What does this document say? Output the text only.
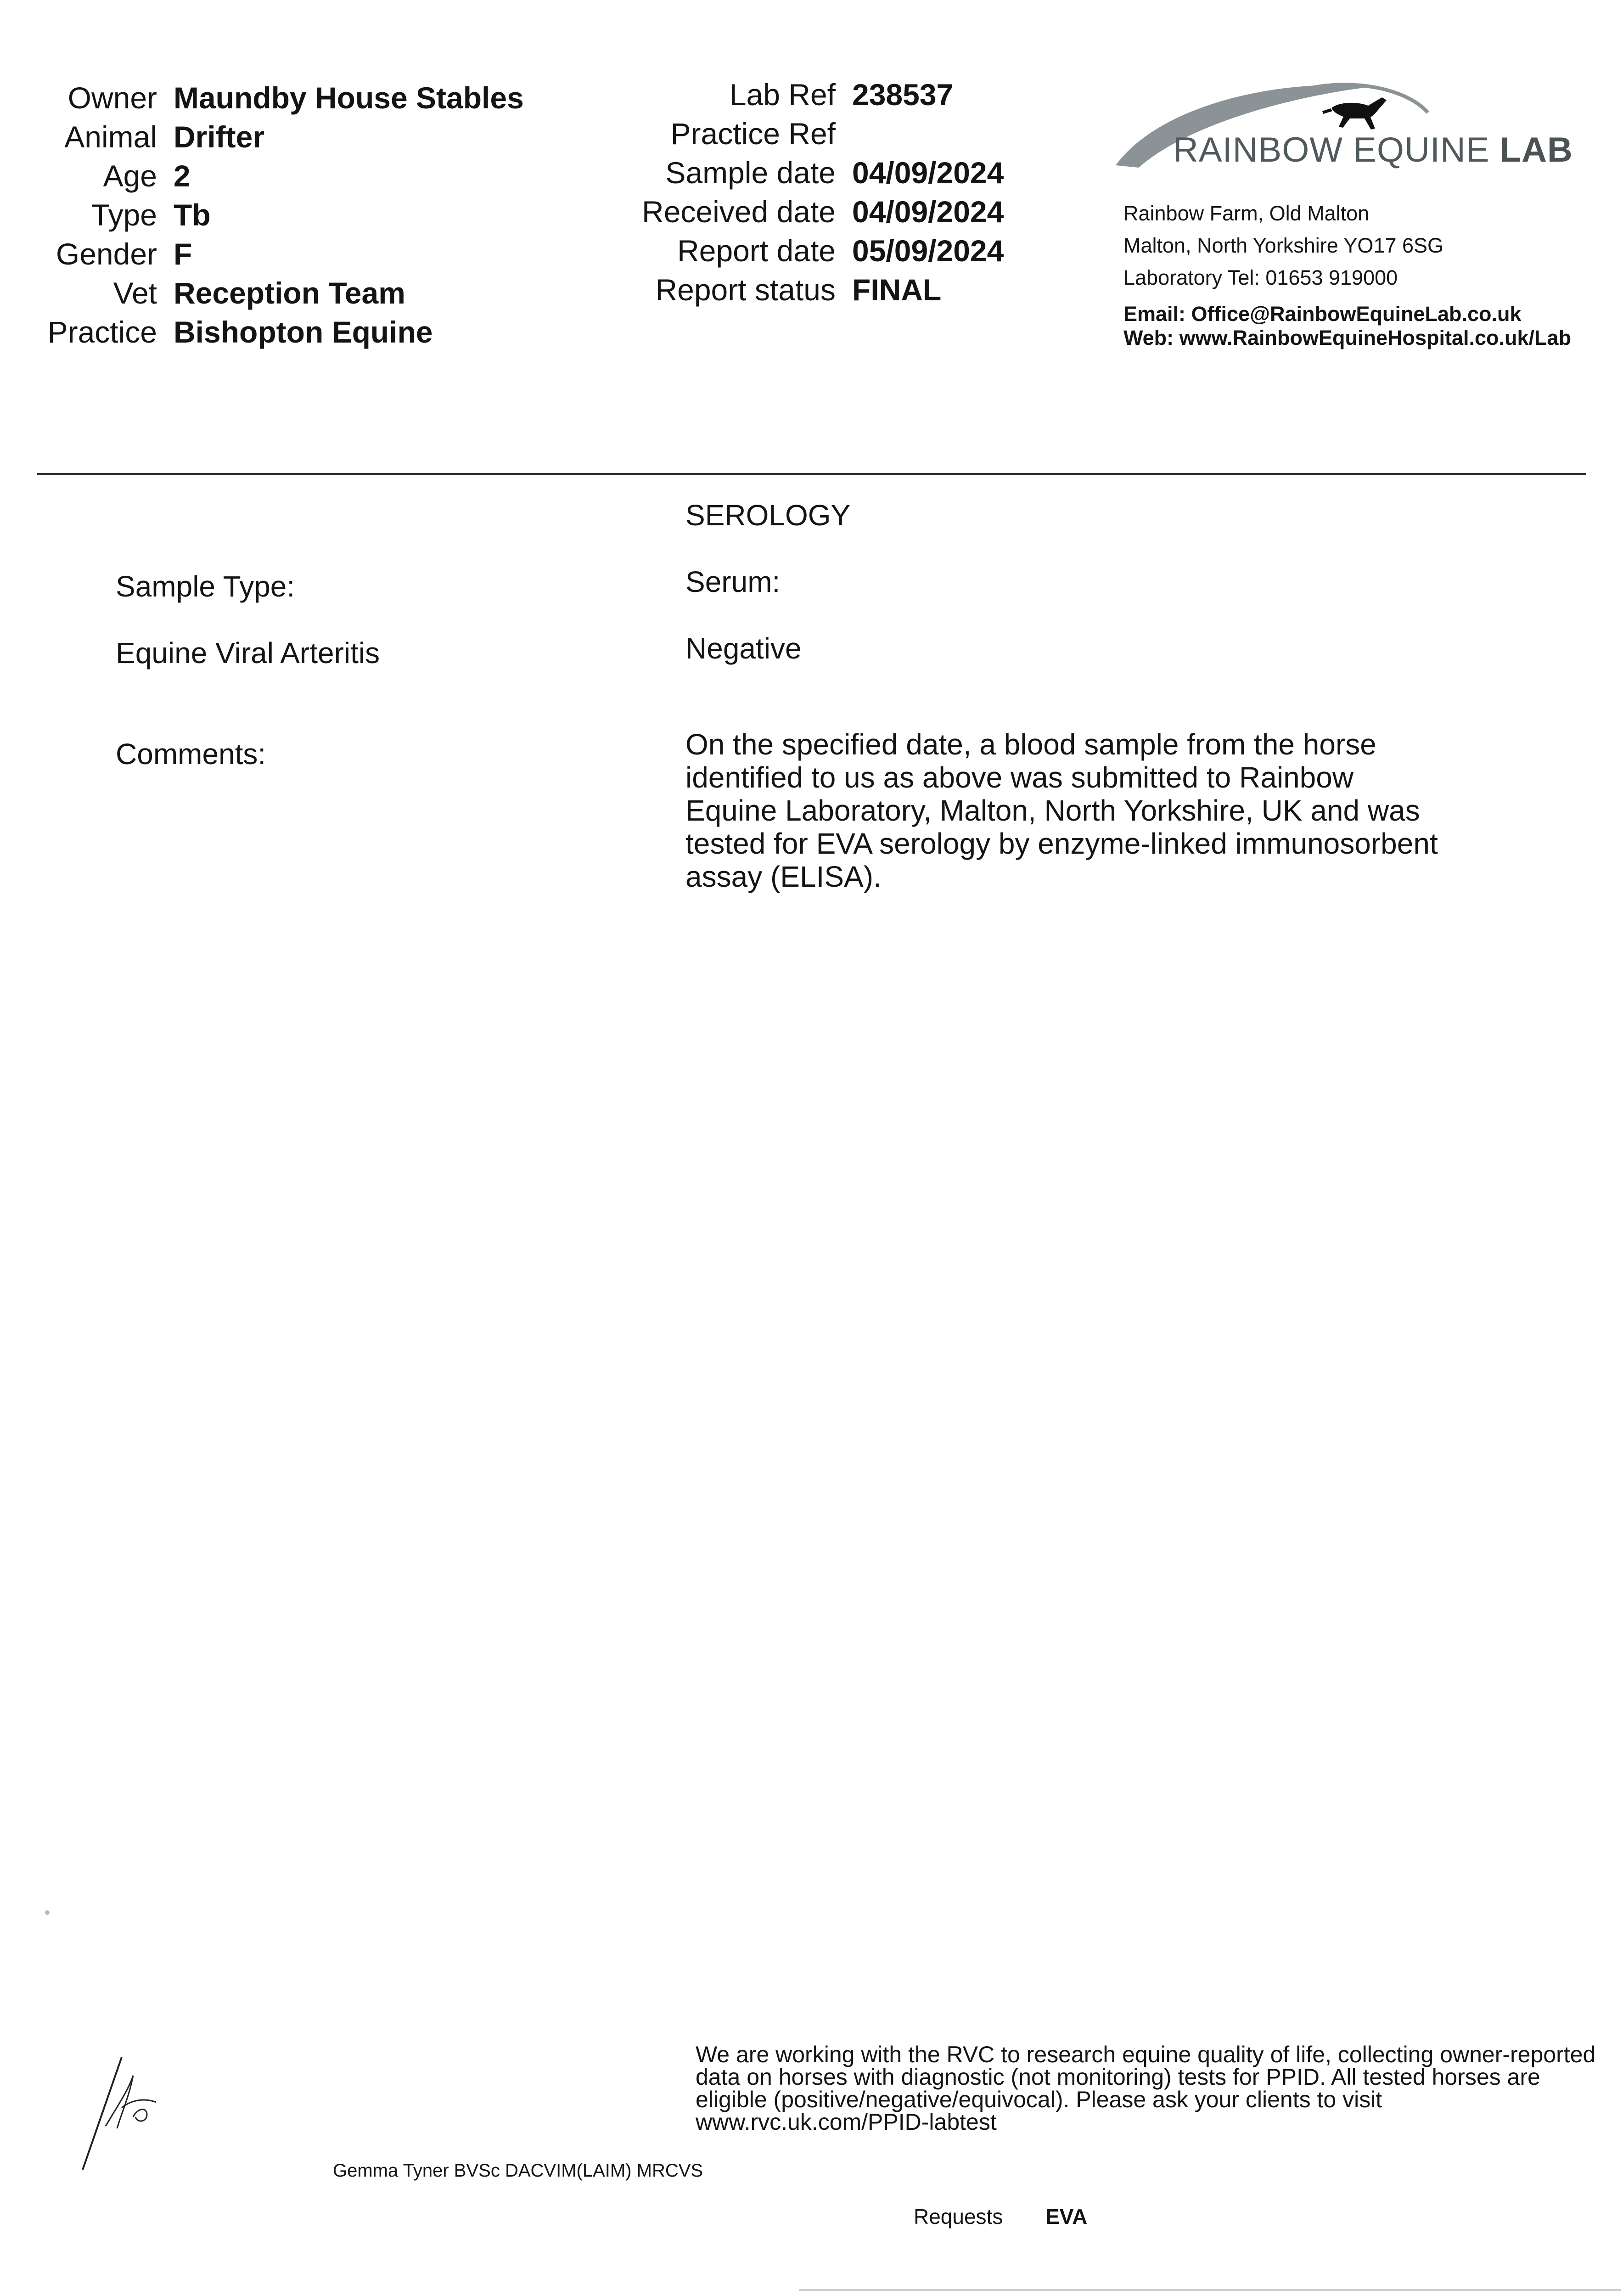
Owner Maundby House Stables
Animal Drifter
Age 2
Type Tb
Gender F
Vet Reception Team
Practice Bishopton Equine
Lab Ref 238537
Practice Ref
Sample date 04/09/2024
Received date 04/09/2024
Report date 05/09/2024
Report status FINAL
RAINBOW EQUINE LAB
Rainbow Farm, Old Malton
Malton, North Yorkshire YO17 6SG
Laboratory Tel: 01653 919000
Email: Office@RainbowEquineLab.co.uk
Web: www.RainbowEquineHospital.co.uk/Lab
SEROLOGY
Sample Type:	Serum:
Equine Viral Arteritis	Negative
Comments:	On the specified date, a blood sample from the horse identified to us as above was submitted to Rainbow Equine Laboratory, Malton, North Yorkshire, UK and was tested for EVA serology by enzyme-linked immunosorbent assay (ELISA).
We are working with the RVC to research equine quality of life, collecting owner-reported data on horses with diagnostic (not monitoring) tests for PPID. All tested horses are eligible (positive/negative/equivocal). Please ask your clients to visit www.rvc.uk.com/PPID-labtest
Gemma Tyner BVSc DACVIM(LAIM) MRCVS
Requests EVA
